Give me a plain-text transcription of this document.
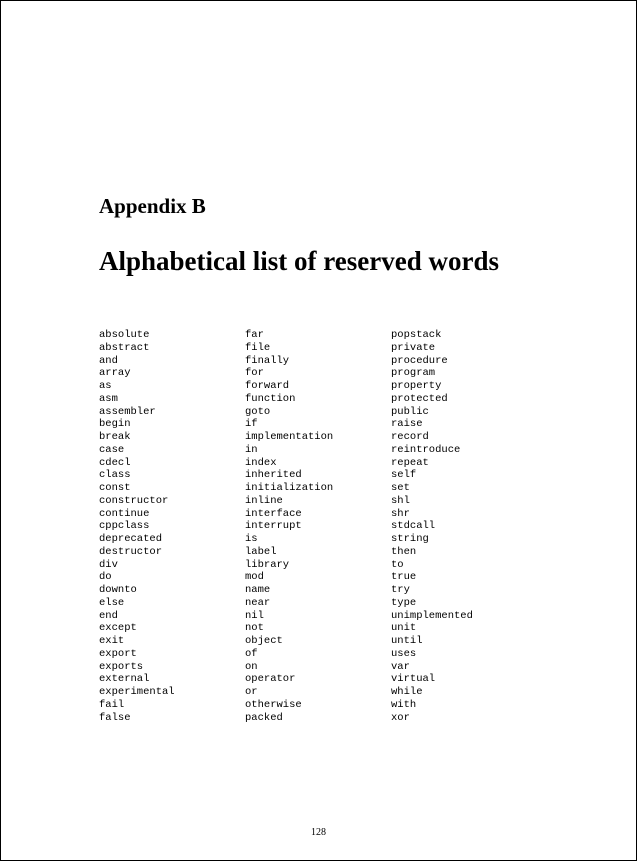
Appendix B
Alphabetical list of reserved words
absolute
abstract
and
array
as
asm
assembler
begin
break
case
cdecl
class
const
constructor
continue
cppclass
deprecated
destructor
div
do
downto
else
end
except
exit
export
exports
external
experimental
fail
false
far
file
finally
for
forward
function
goto
if
implementation
in
index
inherited
initialization
inline
interface
interrupt
is
label
library
mod
name
near
nil
not
object
of
on
operator
or
otherwise
packed
popstack
private
procedure
program
property
protected
public
raise
record
reintroduce
repeat
self
set
shl
shr
stdcall
string
then
to
true
try
type
unimplemented
unit
until
uses
var
virtual
while
with
xor
128
